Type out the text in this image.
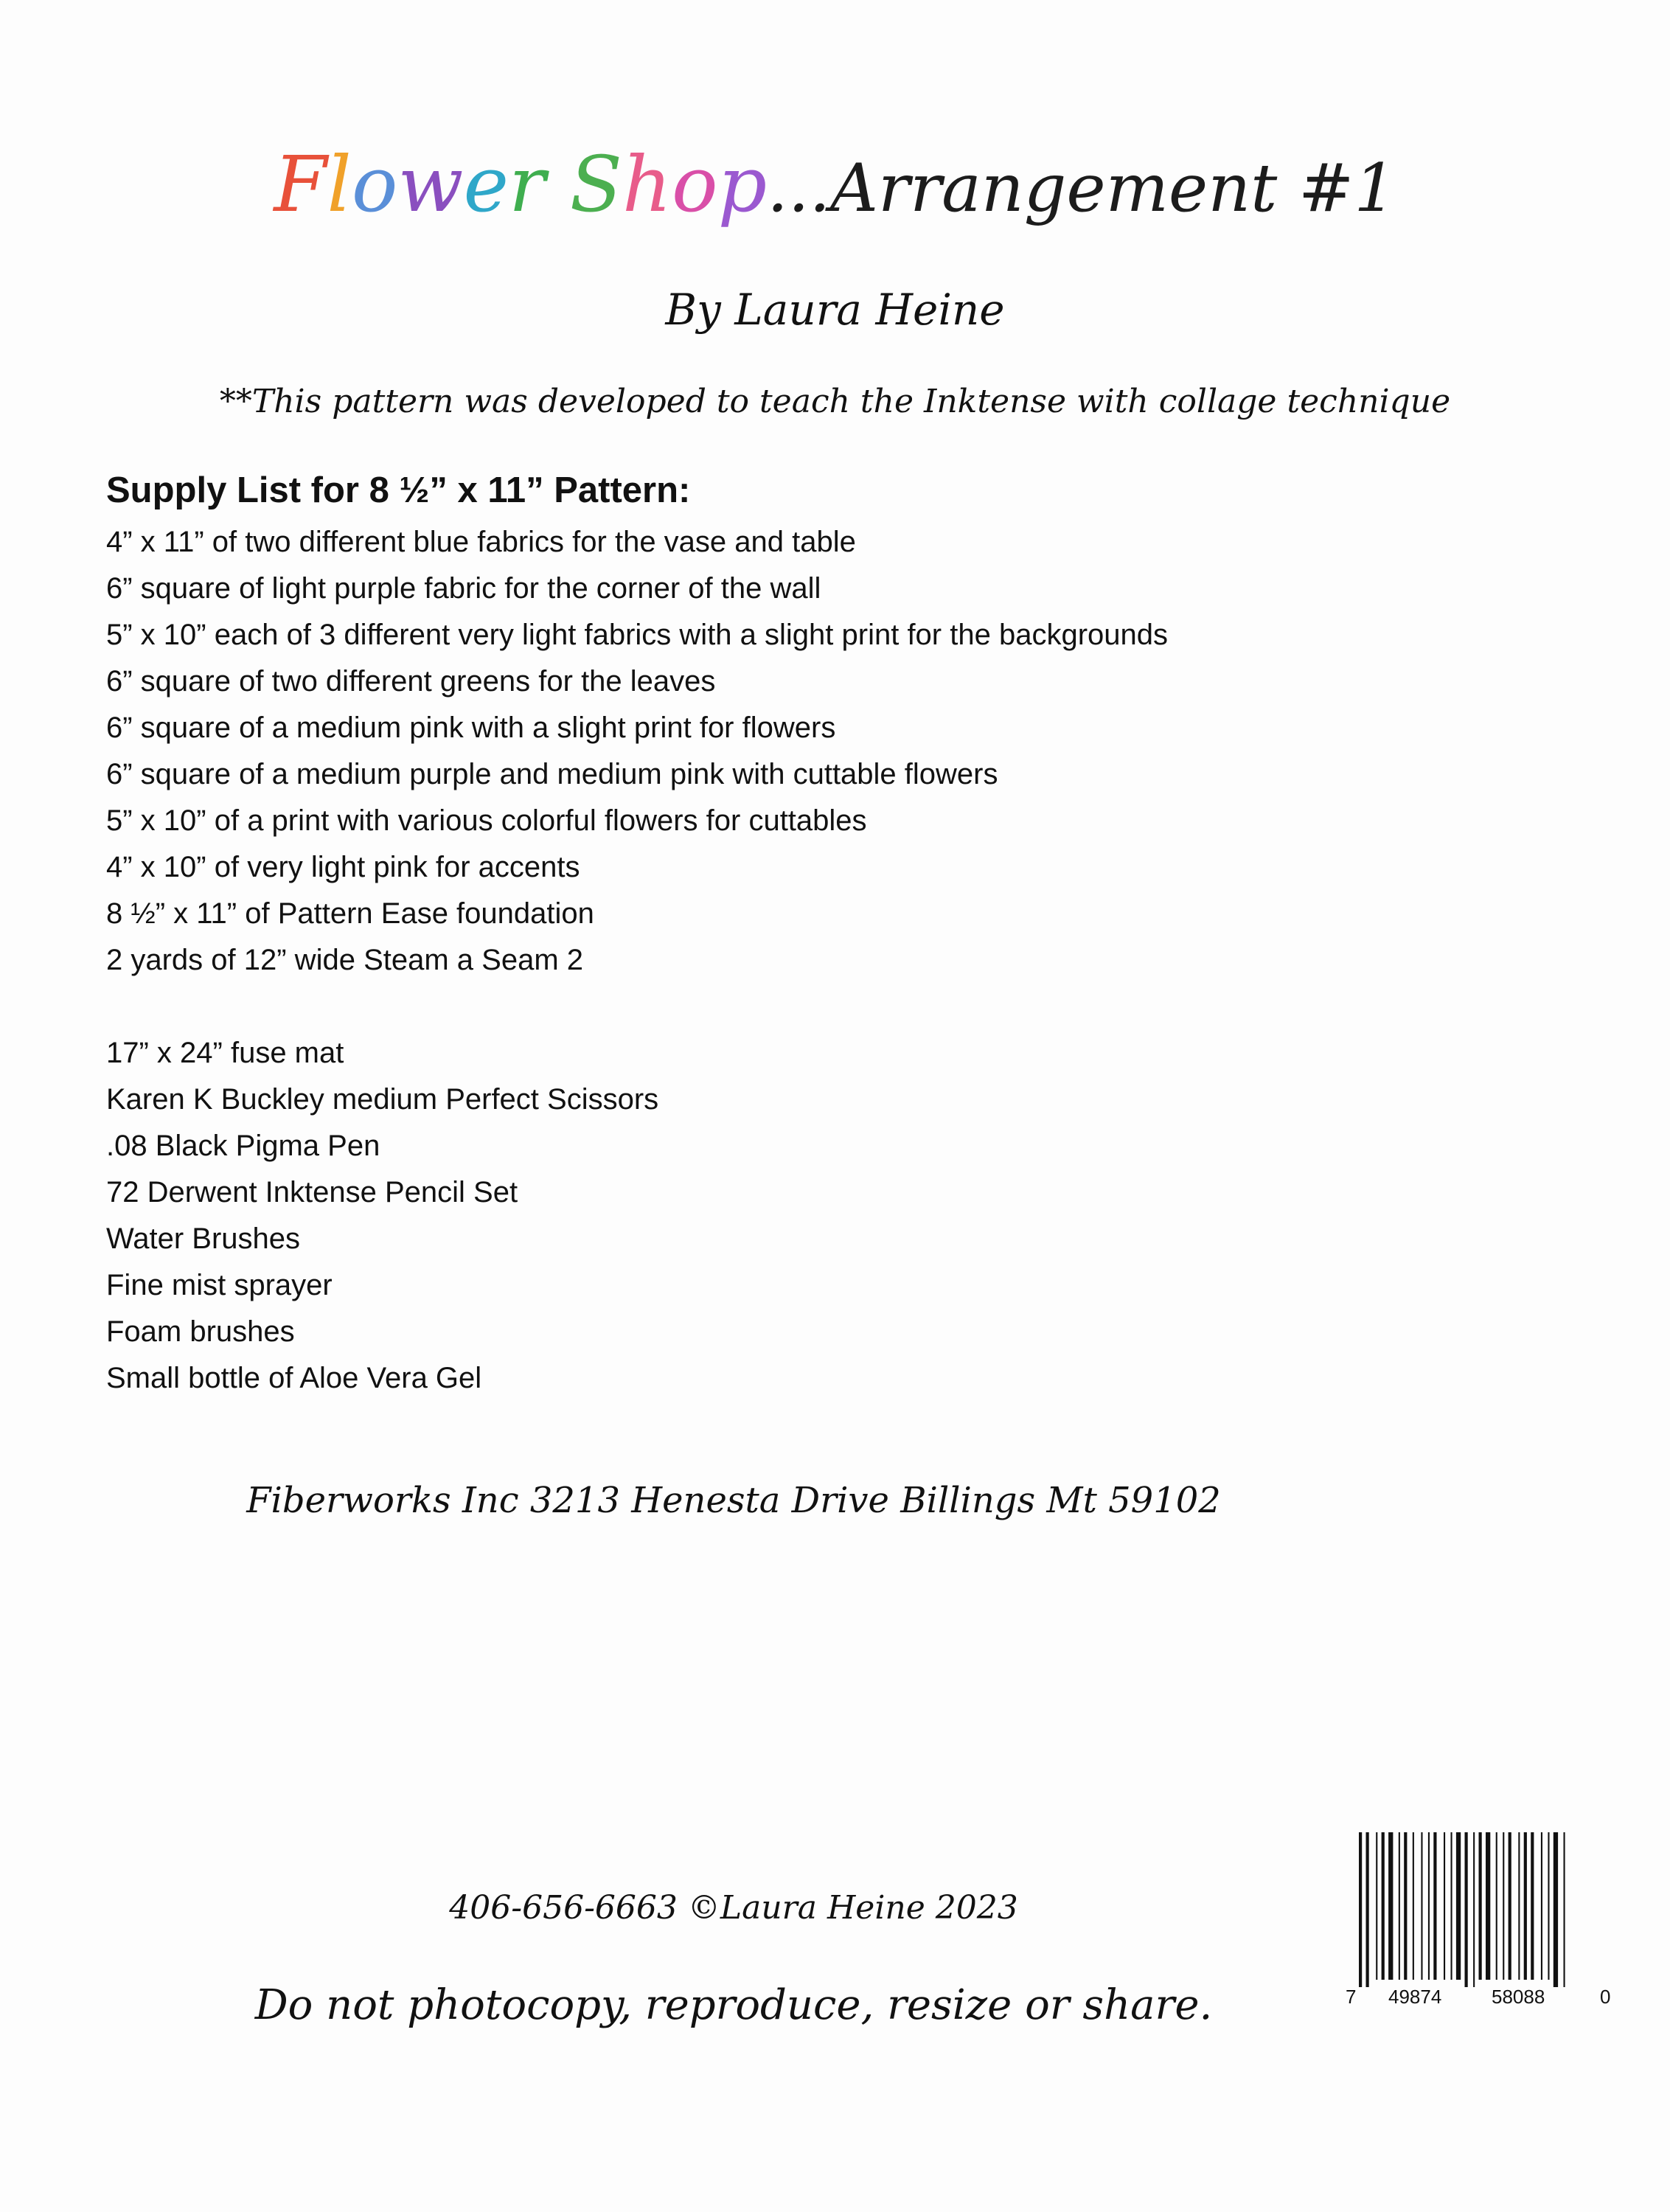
Flower Shop...Arrangement #1
By Laura Heine
**This pattern was developed to teach the Inktense with collage technique
Supply List for 8 ½” x 11” Pattern:
4” x 11” of two different blue fabrics for the vase and table
6” square of light purple fabric for the corner of the wall
5” x 10” each of 3 different very light fabrics with a slight print for the backgrounds
6” square of two different greens for the leaves
6” square of a medium pink with a slight print for flowers
6” square of a medium purple and medium pink with cuttable flowers
5” x 10” of a print with various colorful flowers for cuttables
4” x 10” of very light pink for accents
8 ½” x 11” of Pattern Ease foundation
2 yards of 12” wide Steam a Seam 2
17” x 24” fuse mat
Karen K Buckley medium Perfect Scissors
.08 Black Pigma Pen
72 Derwent Inktense Pencil Set
Water Brushes
Fine mist sprayer
Foam brushes
Small bottle of Aloe Vera Gel
Fiberworks Inc 3213 Henesta Drive Billings Mt 59102
406-656-6663 ©Laura Heine 2023
Do not photocopy, reproduce, resize or share.	7 49874	58088	0
